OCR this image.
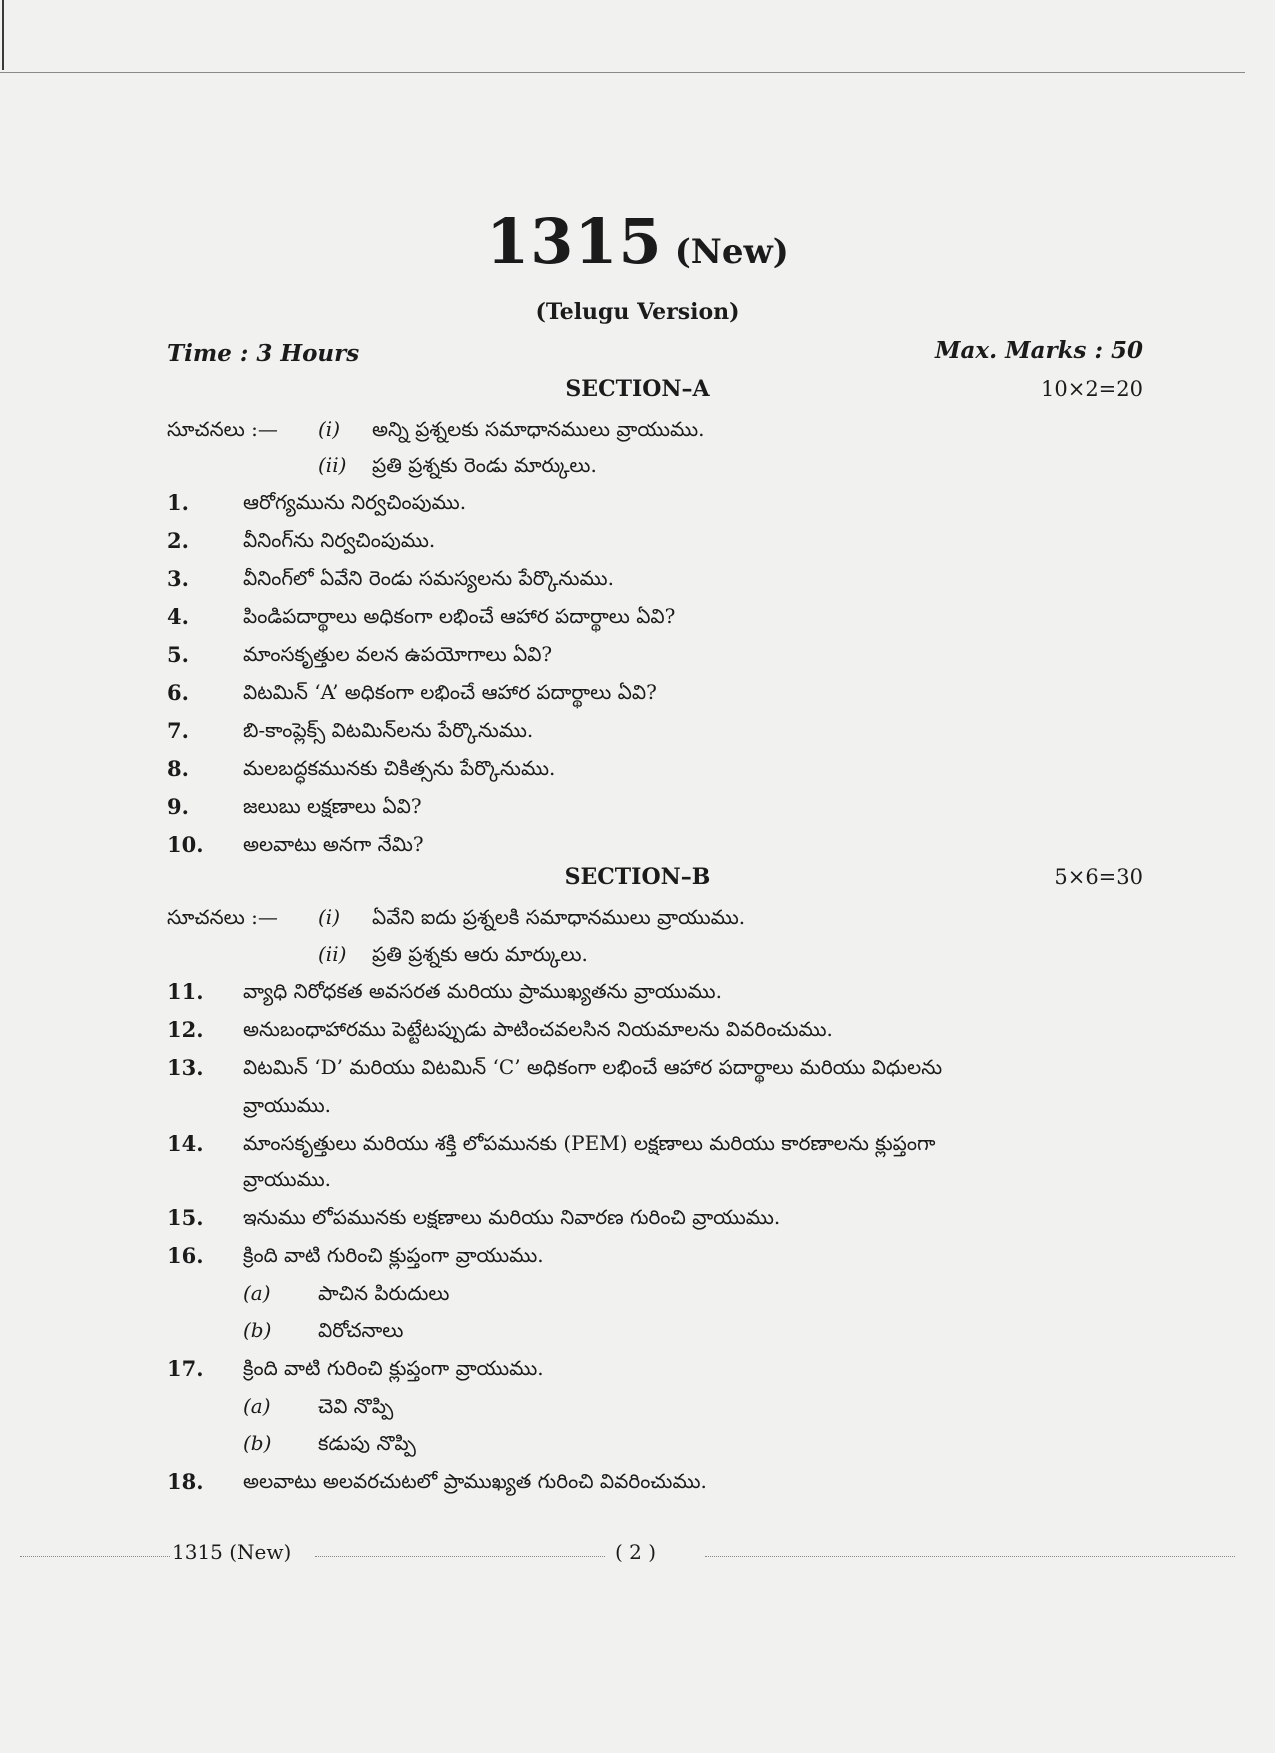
1315 (New)
(Telugu Version)
Time : 3 Hours	Max. Marks : 50
SECTION–A	10×2=20
సూచనలు :— (i) అన్ని ప్రశ్నలకు సమాధానములు వ్రాయుము.
(ii) ప్రతి ప్రశ్నకు రెండు మార్కులు.
1.	ఆరోగ్యమును నిర్వచింపుము.
2.	వీనింగ్‌ను నిర్వచింపుము.
3.	వీనింగ్‌లో ఏవేని రెండు సమస్యలను పేర్కొనుము.
4.	పిండిపదార్థాలు అధికంగా లభించే ఆహార పదార్థాలు ఏవి?
5.	మాంసకృత్తుల వలన ఉపయోగాలు ఏవి?
6.	విటమిన్ ‘A’ అధికంగా లభించే ఆహార పదార్థాలు ఏవి?
7.	బి-కాంప్లెక్స్ విటమిన్‌లను పేర్కొనుము.
8.	మలబద్ధకమునకు చికిత్సను పేర్కొనుము.
9.	జలుబు లక్షణాలు ఏవి?
10. అలవాటు అనగా నేమి?
SECTION–B	5×6=30
సూచనలు :— (i) ఏవేని ఐదు ప్రశ్నలకి సమాధానములు వ్రాయుము.
(ii) ప్రతి ప్రశ్నకు ఆరు మార్కులు.
11. వ్యాధి నిరోధకత అవసరత మరియు ప్రాముఖ్యతను వ్రాయుము.
12. అనుబంధాహారము పెట్టేటప్పుడు పాటించవలసిన నియమాలను వివరించుము.
13. విటమిన్ ‘D’ మరియు విటమిన్ ‘C’ అధికంగా లభించే ఆహార పదార్థాలు మరియు విధులను
వ్రాయుము.
14. మాంసకృత్తులు మరియు శక్తి లోపమునకు (PEM) లక్షణాలు మరియు కారణాలను క్లుప్తంగా
వ్రాయుము.
15. ఇనుము లోపమునకు లక్షణాలు మరియు నివారణ గురించి వ్రాయుము.
16. క్రింది వాటి గురించి క్లుప్తంగా వ్రాయుము.
(a) పాచిన పిరుదులు
(b) విరోచనాలు
17. క్రింది వాటి గురించి క్లుప్తంగా వ్రాయుము.
(a) చెవి నొప్పి
(b) కడుపు నొప్పి
18. అలవాటు అలవరచుటలో ప్రాముఖ్యత గురించి వివరించుము.
1315 (New)	( 2 )
